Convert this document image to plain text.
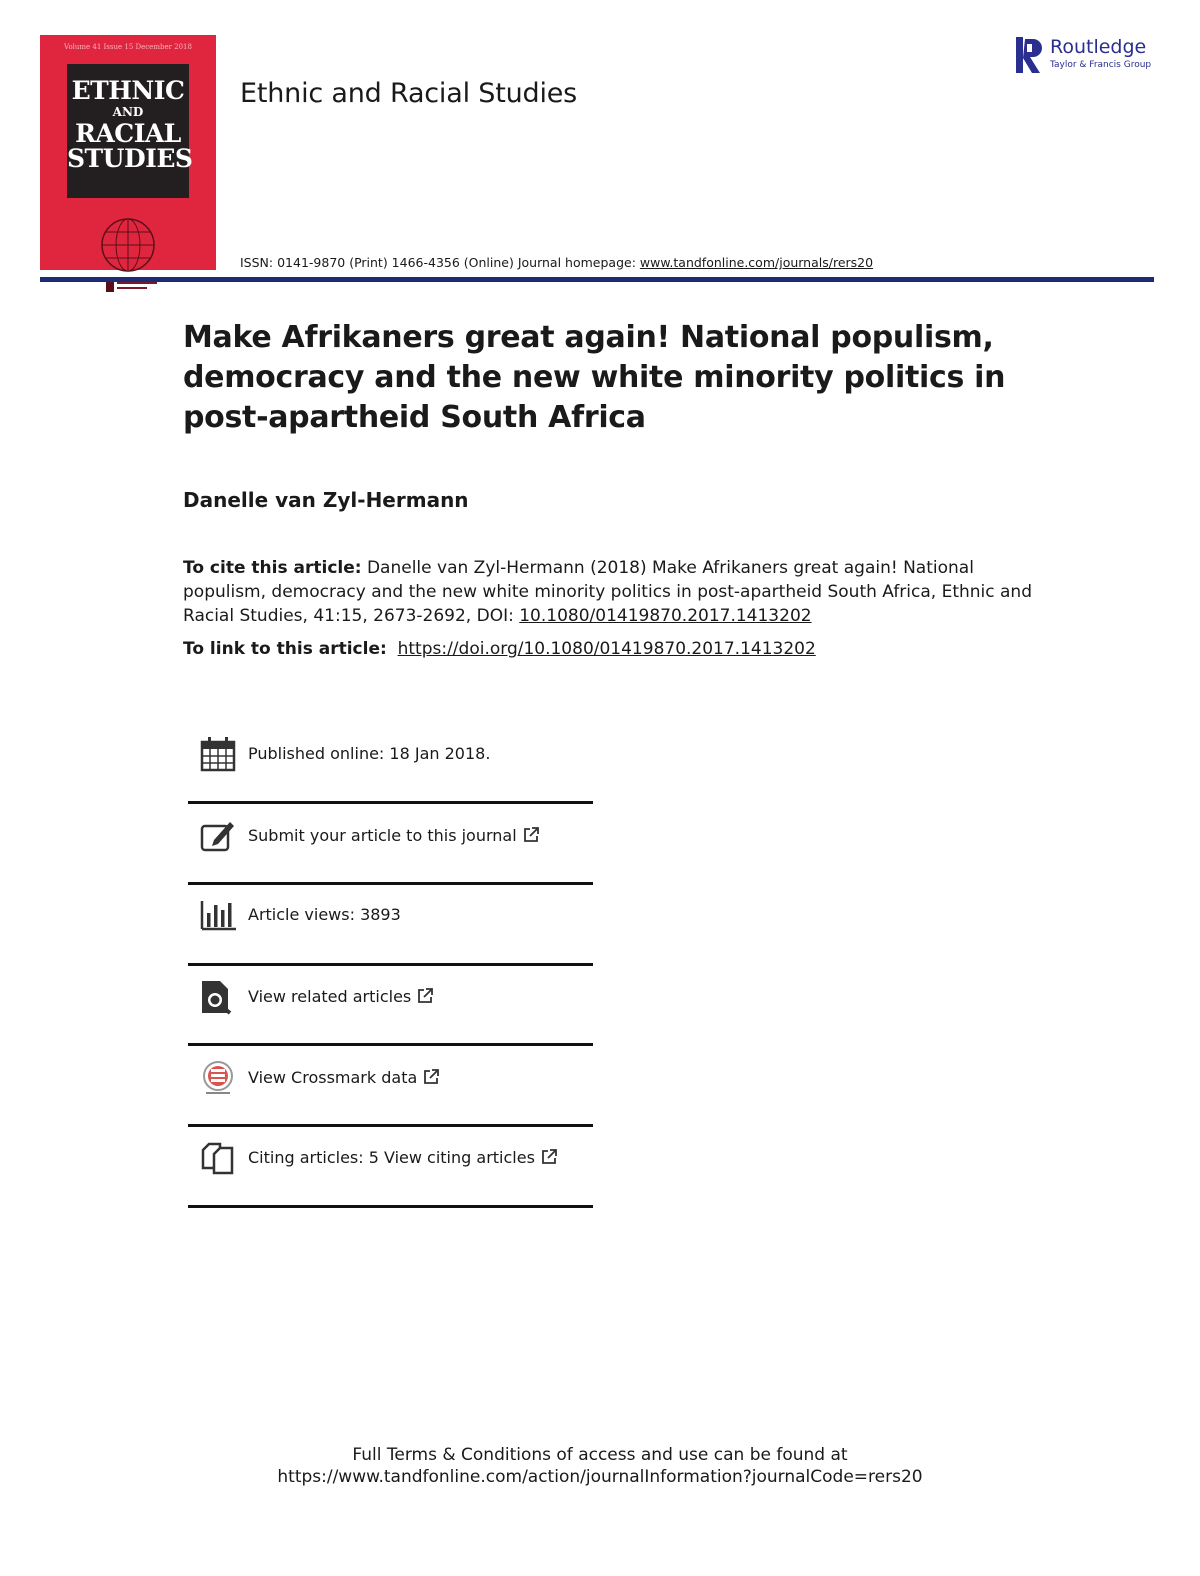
Volume 41 Issue 15 December 2018
ETHNIC
AND
RACIAL
STUDIES
Ethnic and Racial Studies
Routledge
Taylor & Francis Group
ISSN: 0141-9870 (Print) 1466-4356 (Online) Journal homepage: www.tandfonline.com/journals/rers20
Make Afrikaners great again! National populism, democracy and the new white minority politics in post-apartheid South Africa
Danelle van Zyl-Hermann
To cite this article: Danelle van Zyl-Hermann (2018) Make Afrikaners great again! National populism, democracy and the new white minority politics in post-apartheid South Africa, Ethnic and Racial Studies, 41:15, 2673-2692, DOI: 10.1080/01419870.2017.1413202
To link to this article: https://doi.org/10.1080/01419870.2017.1413202
Published online: 18 Jan 2018.
Submit your article to this journal
Article views: 3893
View related articles
View Crossmark data
Citing articles: 5 View citing articles
Full Terms & Conditions of access and use can be found at
https://www.tandfonline.com/action/journalInformation?journalCode=rers20
